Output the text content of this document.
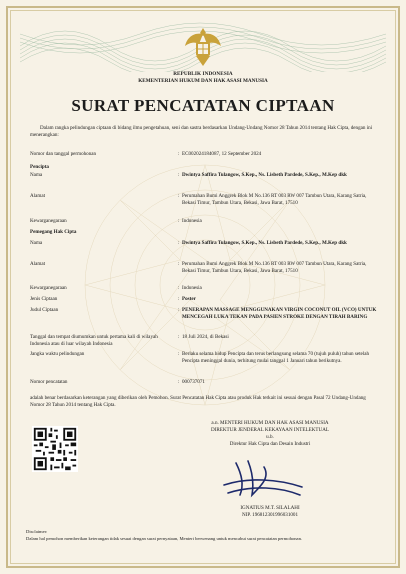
REPUBLIK INDONESIA
KEMENTERIAN HUKUM DAN HAK ASASI MANUSIA
SURAT PENCATATAN CIPTAAN
Dalam rangka pelindungan ciptaan di bidang ilmu pengetahuan, seni dan sastra berdasarkan Undang-Undang Nomor 28 Tahun 2014 tentang Hak Cipta, dengan ini menerangkan:
Nomor dan tanggal permohonan	: EC002024184087, 12 September 2024
Pencipta
Nama	: Dwintya Saffira Tulangow, S.Kep., Ns. Lisbeth Pardede, S.Kep., M.Kep dkk
Alamat	: Perumahan Bumi Anggrek Blok M No.136 RT 003 RW 007 Tambun Utara, Karang Satria, Bekasi Timur, Tambun Utara, Bekasi, Jawa Barat, 17510
Kewarganegaraan	: Indonesia
Pemegang Hak Cipta
Nama	: Dwintya Saffira Tulangow, S.Kep., Ns. Lisbeth Pardede, S.Kep., M.Kep dkk
Alamat	: Perumahan Bumi Anggrek Blok M No.136 RT 003 RW 007 Tambun Utara, Karang Satria, Bekasi Timur, Tambun Utara, Bekasi, Jawa Barat, 17510
Kewarganegaraan	: Indonesia
Jenis Ciptaan	: Poster
Judul Ciptaan	: PENERAPAN MASSAGE MENGGUNAKAN VIRGIN COCONUT OIL (VCO) UNTUK MENCEGAH LUKA TEKAN PADA PASIEN STROKE DENGAN TIRAH BARING
Tanggal dan tempat diumumkan untuk pertama kali di wilayah Indonesia atau di luar wilayah Indonesia
: 18 Juli 2024, di Bekasi
Jangka waktu pelindungan	: Berlaku selama hidup Pencipta dan terus berlangsung selama 70 (tujuh puluh) tahun setelah Pencipta meninggal dunia, terhitung mulai tanggal 1 Januari tahun berikutnya.
Nomor pencatatan	: 000737071
adalah benar berdasarkan keterangan yang diberikan oleh Pemohon. Surat Pencatatan Hak Cipta atau produk Hak terkait ini sesuai dengan Pasal 72 Undang-Undang Nomor 28 Tahun 2014 tentang Hak Cipta.
a.n. MENTERI HUKUM DAN HAK ASASI MANUSIA
DIREKTUR JENDERAL KEKAYAAN INTELEKTUAL
u.b.
Direktur Hak Cipta dan Desain Industri
IGNATIUS M.T. SILALAHI
NIP. 196812301996031001
Disclaimer:
Dalam hal pemohon memberikan keterangan tidak sesuai dengan surat pernyataan, Menteri berwenang untuk mencabut surat pencatatan permohonan.
